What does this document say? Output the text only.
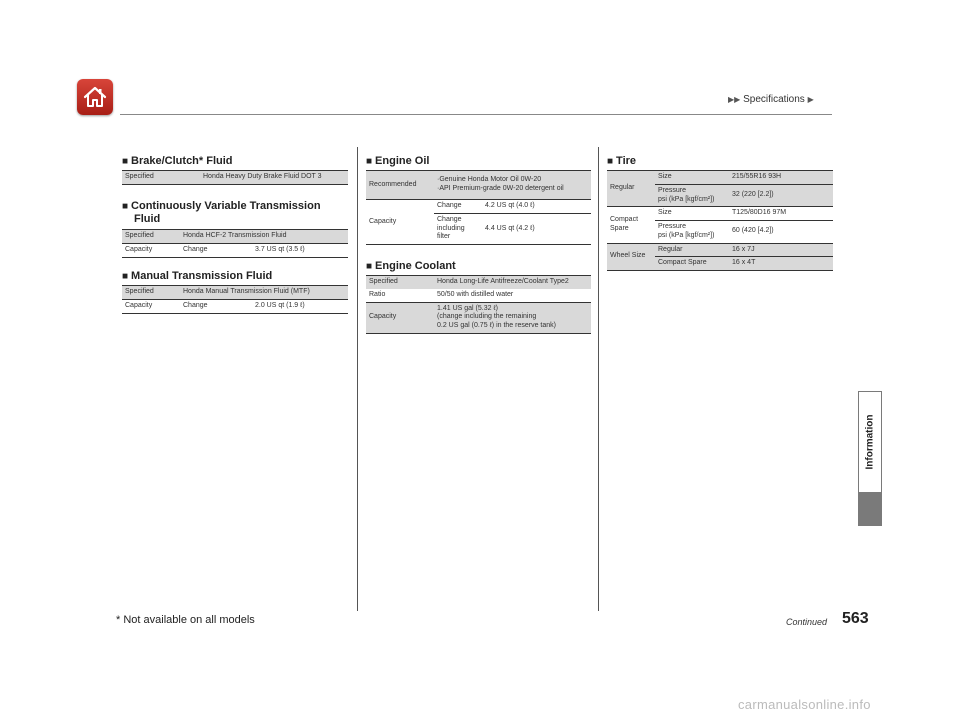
▶▶ Specifications ▶
Information
■ Brake/Clutch* Fluid
Specified	Honda Heavy Duty Brake Fluid DOT 3
■ Continuously Variable Transmission
Fluid
Specified	Honda HCF-2 Transmission Fluid	
Capacity	Change	3.7 US qt (3.5 ℓ)
■ Manual Transmission Fluid
Specified	Honda Manual Transmission Fluid (MTF)	
Capacity	Change	2.0 US qt (1.9 ℓ)
■ Engine Oil
Recommended	·Genuine Honda Motor Oil 0W-20
·API Premium-grade 0W-20 detergent oil	
Capacity	Change	4.2 US qt (4.0 ℓ)
	Change
including
filter	4.4 US qt (4.2 ℓ)
■ Engine Coolant
Specified	Honda Long-Life Antifreeze/Coolant Type2
Ratio	50/50 with distilled water
Capacity	1.41 US gal (5.32 ℓ)
(change including the remaining
0.2 US gal (0.75 ℓ) in the reserve tank)
■ Tire
Regular	Size	215/55R16 93H
	Pressure
psi (kPa [kgf/cm²])	32 (220 [2.2])
Compact
Spare	Size	T125/80D16 97M
	Pressure
psi (kPa [kgf/cm²])	60 (420 [4.2])
Wheel Size	Regular	16 x 7J
	Compact Spare	16 x 4T
* Not available on all models	Continued 563
carmanualsonline.info
